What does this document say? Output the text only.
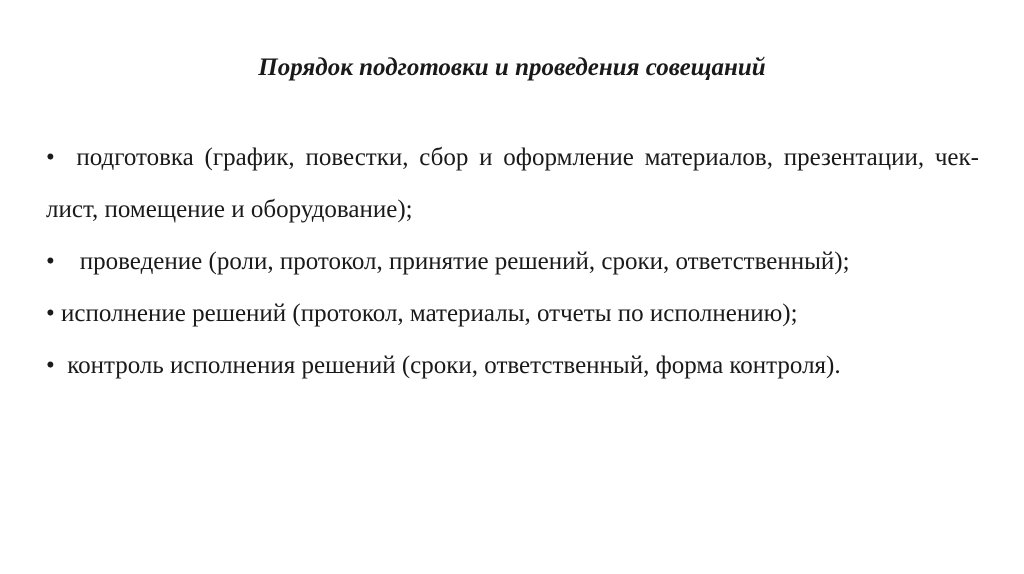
Порядок подготовки и проведения совещаний

• подготовка (график, повестки, сбор и оформление материалов, презентации, чек-лист, помещение и оборудование);

• проведение (роли, протокол, принятие решений, сроки, ответственный);

• исполнение решений (протокол, материалы, отчеты по исполнению);

• контроль исполнения решений (сроки, ответственный, форма контроля).
